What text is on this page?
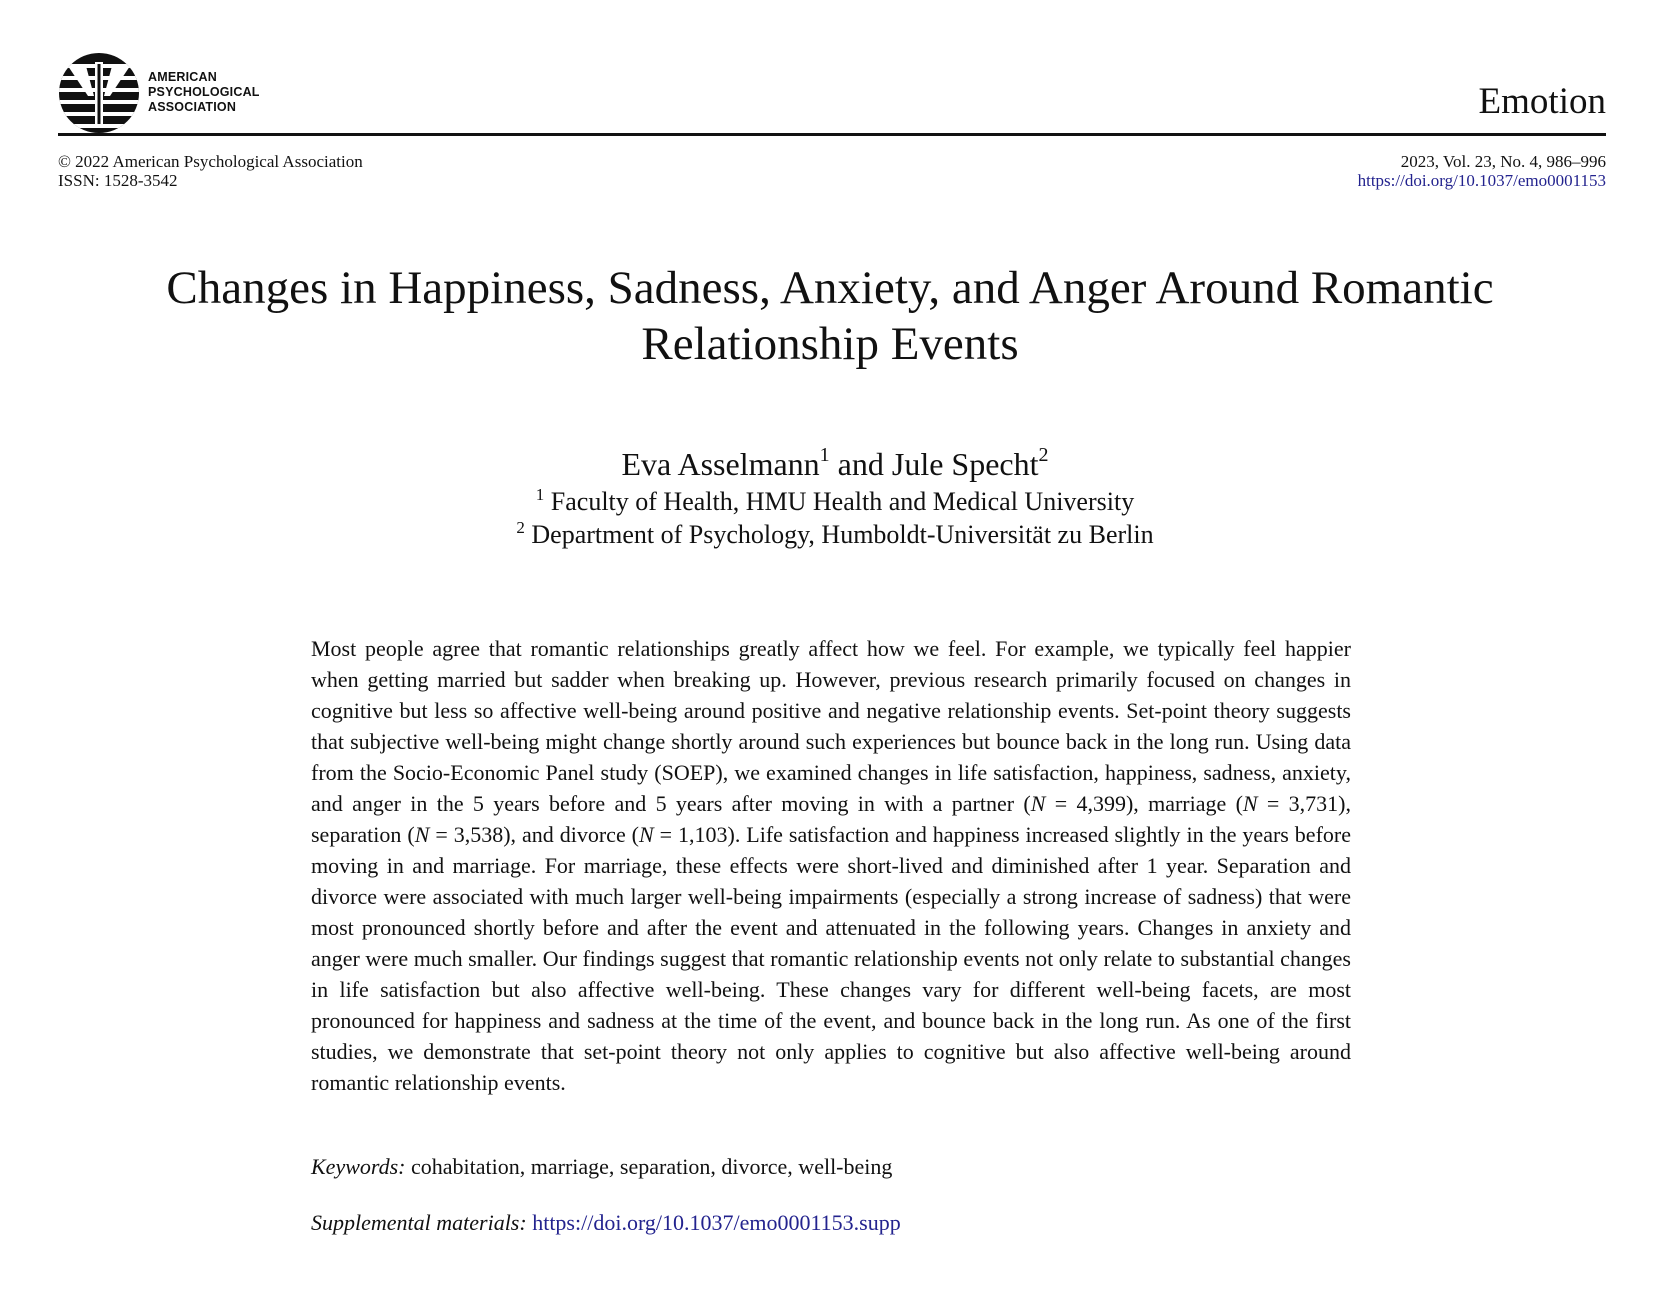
AMERICAN
PSYCHOLOGICAL
ASSOCIATION	Emotion
© 2022 American Psychological Association
ISSN: 1528-3542
2023, Vol. 23, No. 4, 986–996
https://doi.org/10.1037/emo0001153
Changes in Happiness, Sadness, Anxiety, and Anger Around Romantic Relationship Events
Eva Asselmann$^1$ and Jule Specht$^2$
$^1$ Faculty of Health, HMU Health and Medical University
$^2$ Department of Psychology, Humboldt-Universität zu Berlin

Most people agree that romantic relationships greatly affect how we feel. For example, we typically feel happier when getting married but sadder when breaking up. However, previous research primarily focused on changes in cognitive but less so affective well-being around positive and negative relationship events. Set-point theory suggests that subjective well-being might change shortly around such experiences but bounce back in the long run. Using data from the Socio-Economic Panel study (SOEP), we examined changes in life satisfaction, happiness, sadness, anxiety, and anger in the 5 years before and 5 years after moving in with a partner (N = 4,399), marriage (N = 3,731), separation (N = 3,538), and divorce (N = 1,103). Life satisfaction and happiness increased slightly in the years before moving in and marriage. For marriage, these effects were short-lived and diminished after 1 year. Separation and divorce were associated with much larger well-being impairments (especially a strong increase of sadness) that were most pronounced shortly before and after the event and attenuated in the following years. Changes in anxiety and anger were much smaller. Our findings suggest that romantic relationship events not only relate to substantial changes in life satisfaction but also affective well-being. These changes vary for different well-being facets, are most pronounced for happiness and sadness at the time of the event, and bounce back in the long run. As one of the first studies, we demonstrate that set-point theory not only applies to cognitive but also affective well-being around romantic relationship events.

Keywords: cohabitation, marriage, separation, divorce, well-being
Supplemental materials: https://doi.org/10.1037/emo0001153.supp
